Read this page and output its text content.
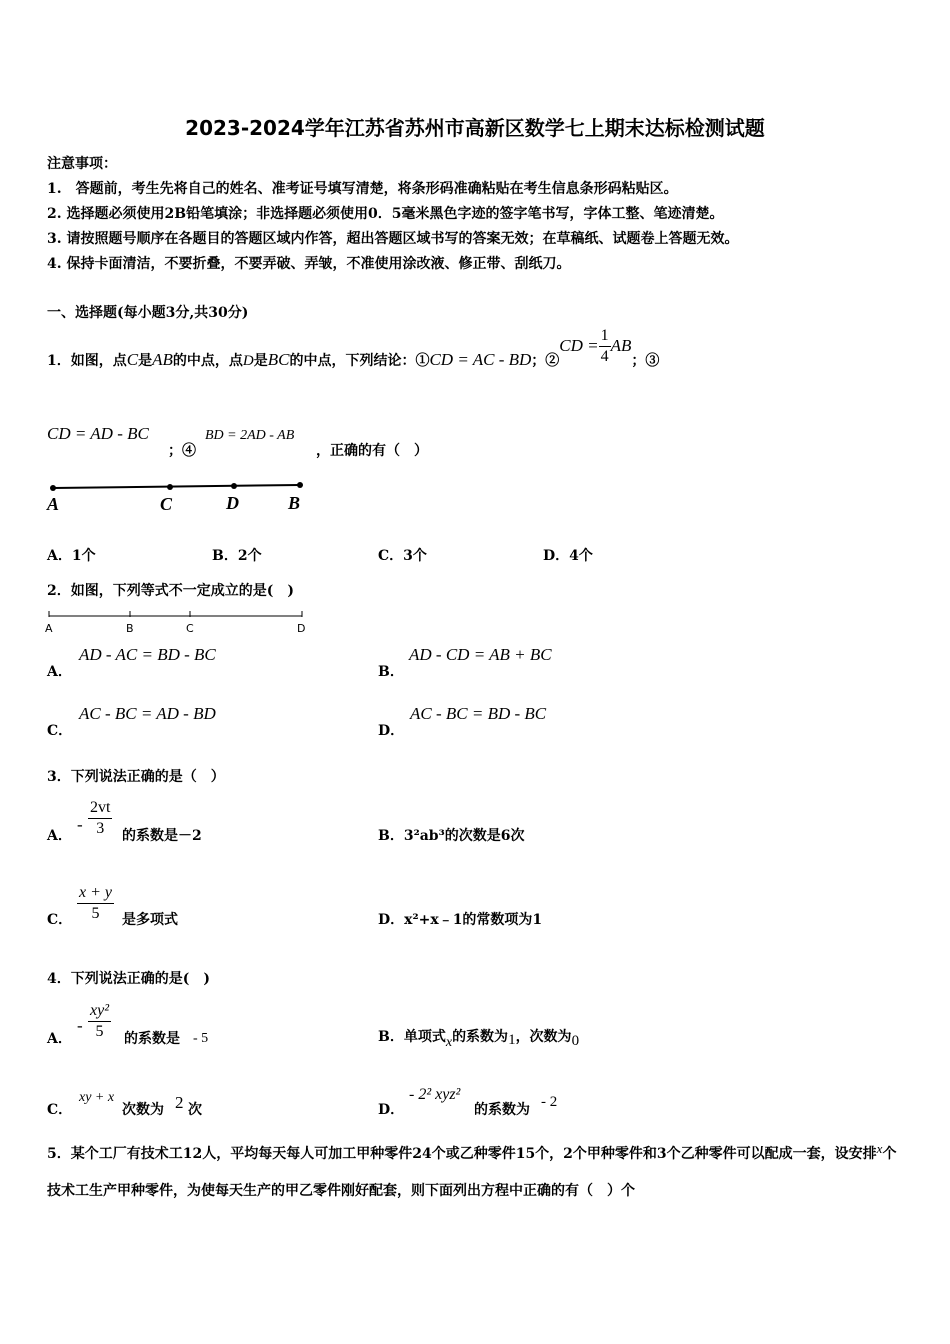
2023-2024学年江苏省苏州市高新区数学七上期末达标检测试题
注意事项：
1.　答题前，考生先将自己的姓名、准考证号填写清楚，将条形码准确粘贴在考生信息条形码粘贴区。
2. 选择题必须使用2B铅笔填涂；非选择题必须使用0．5毫米黑色字迹的签字笔书写，字体工整、笔迹清楚。
3. 请按照题号顺序在各题目的答题区域内作答，超出答题区域书写的答案无效；在草稿纸、试题卷上答题无效。
4. 保持卡面清洁，不要折叠，不要弄破、弄皱，不准使用涂改液、修正带、刮纸刀。
一、选择题(每小题3分,共30分)
1．如图，点C是AB的中点，点D是BC的中点，下列结论：①CD = AC - BD；②CD = $\frac{1}{4}$ AB；③
CD = AD - BC
；④
BD = 2AD - AB
，正确的有（　）
A	C	D	B
A．1个	B．2个	C．3个	D．4个
2．如图，下列等式不一定成立的是(　)
A	B	C	D
A．
AD - AC = BD - BC
B．
AD - CD = AB + BC
C．
AC - BC = AD - BD
D．
AC - BC = BD - BC
3．下列说法正确的是（　）
A．
- $\frac{2vt}{3}$ 的系数是－2	B．3²ab³的次数是6次
C． $\frac{x + y}{5}$ 是多项式	D．x²+x﹣1的常数项为1
4．下列说法正确的是(　)
A．
- $\frac{\text{xy²}}{5}$ 的系数是 - 5	B．单项式x的系数为1，次数为0
C．
xy + x
次数为 2 次	D．
- 2² xyz²
的系数为 - 2
5．某个工厂有技术工12人，平均每天每人可加工甲种零件24个或乙种零件15个，2个甲种零件和3个乙种零件可以配成一套，设安排x个技术工生产甲种零件，为使每天生产的甲乙零件刚好配套，则下面列出方程中正确的有（　）个
